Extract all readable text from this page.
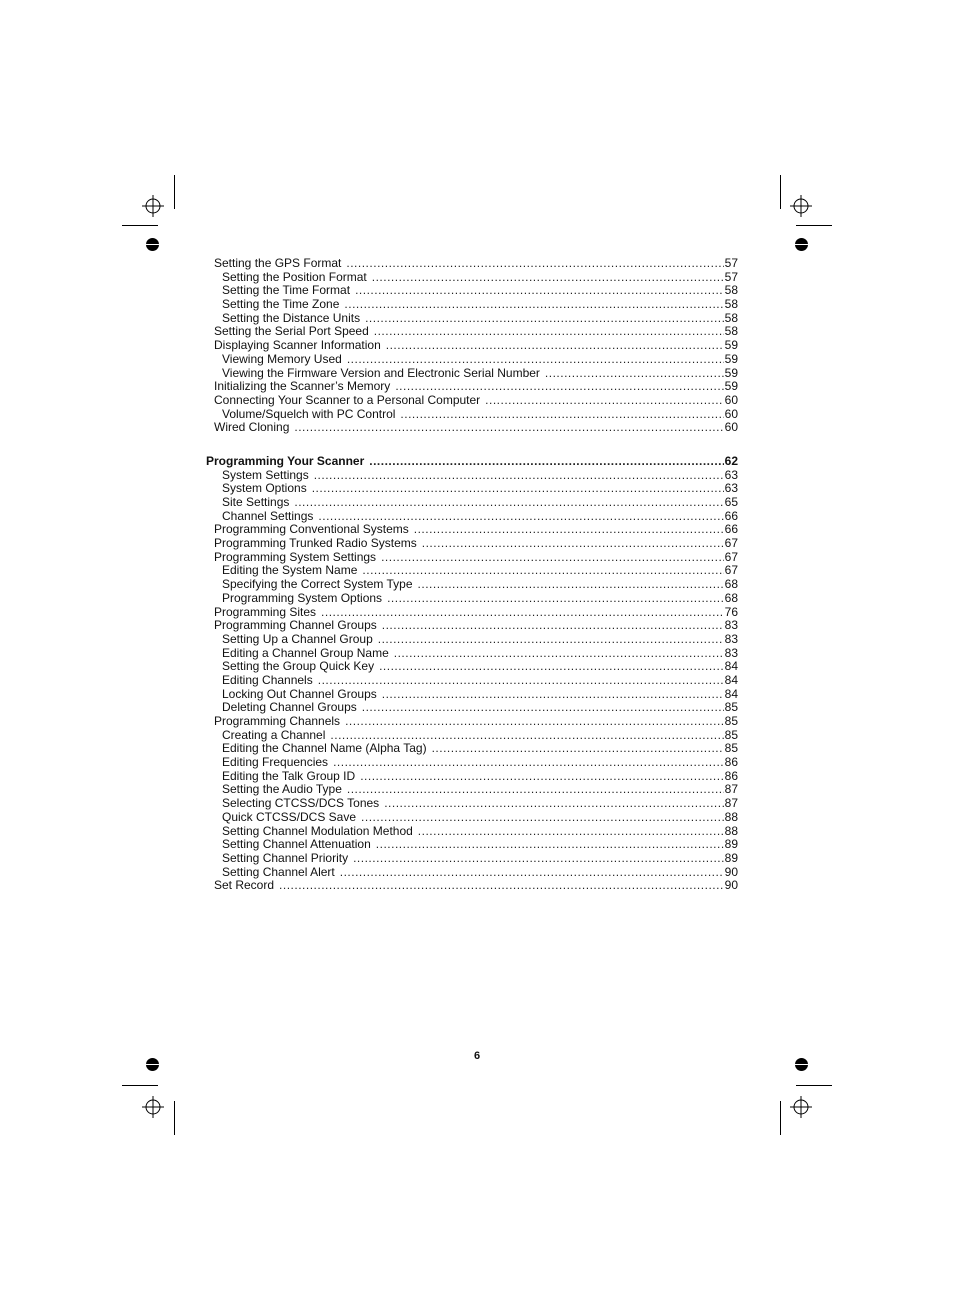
Setting the GPS Format .....	57
Setting the Position Format .....	57
Setting the Time Format .....	58
Setting the Time Zone .....	58
Setting the Distance Units .....	58
Setting the Serial Port Speed .....	58
Displaying Scanner Information .....	59
Viewing Memory Used .....	59
Viewing the Firmware Version and Electronic Serial Number .....	59
Initializing the Scanner’s Memory .....	59
Connecting Your Scanner to a Personal Computer .....	60
Volume/Squelch with PC Control .....	60
Wired Cloning .....	60
Programming Your Scanner .....	62
System Settings .....	63
System Options .....	63
Site Settings .....	65
Channel Settings .....	66
Programming Conventional Systems .....	66
Programming Trunked Radio Systems .....	67
Programming System Settings .....	67
Editing the System Name .....	67
Specifying the Correct System Type .....	68
Programming System Options .....	68
Programming Sites .....	76
Programming Channel Groups .....	83
Setting Up a Channel Group .....	83
Editing a Channel Group Name .....	83
Setting the Group Quick Key .....	84
Editing Channels .....	84
Locking Out Channel Groups .....	84
Deleting Channel Groups .....	85
Programming Channels .....	85
Creating a Channel .....	85
Editing the Channel Name (Alpha Tag) .....	85
Editing Frequencies .....	86
Editing the Talk Group ID .....	86
Setting the Audio Type .....	87
Selecting CTCSS/DCS Tones .....	87
Quick CTCSS/DCS Save .....	88
Setting Channel Modulation Method .....	88
Setting Channel Attenuation .....	89
Setting Channel Priority .....	89
Setting Channel Alert .....	90
Set Record .....	90
6
